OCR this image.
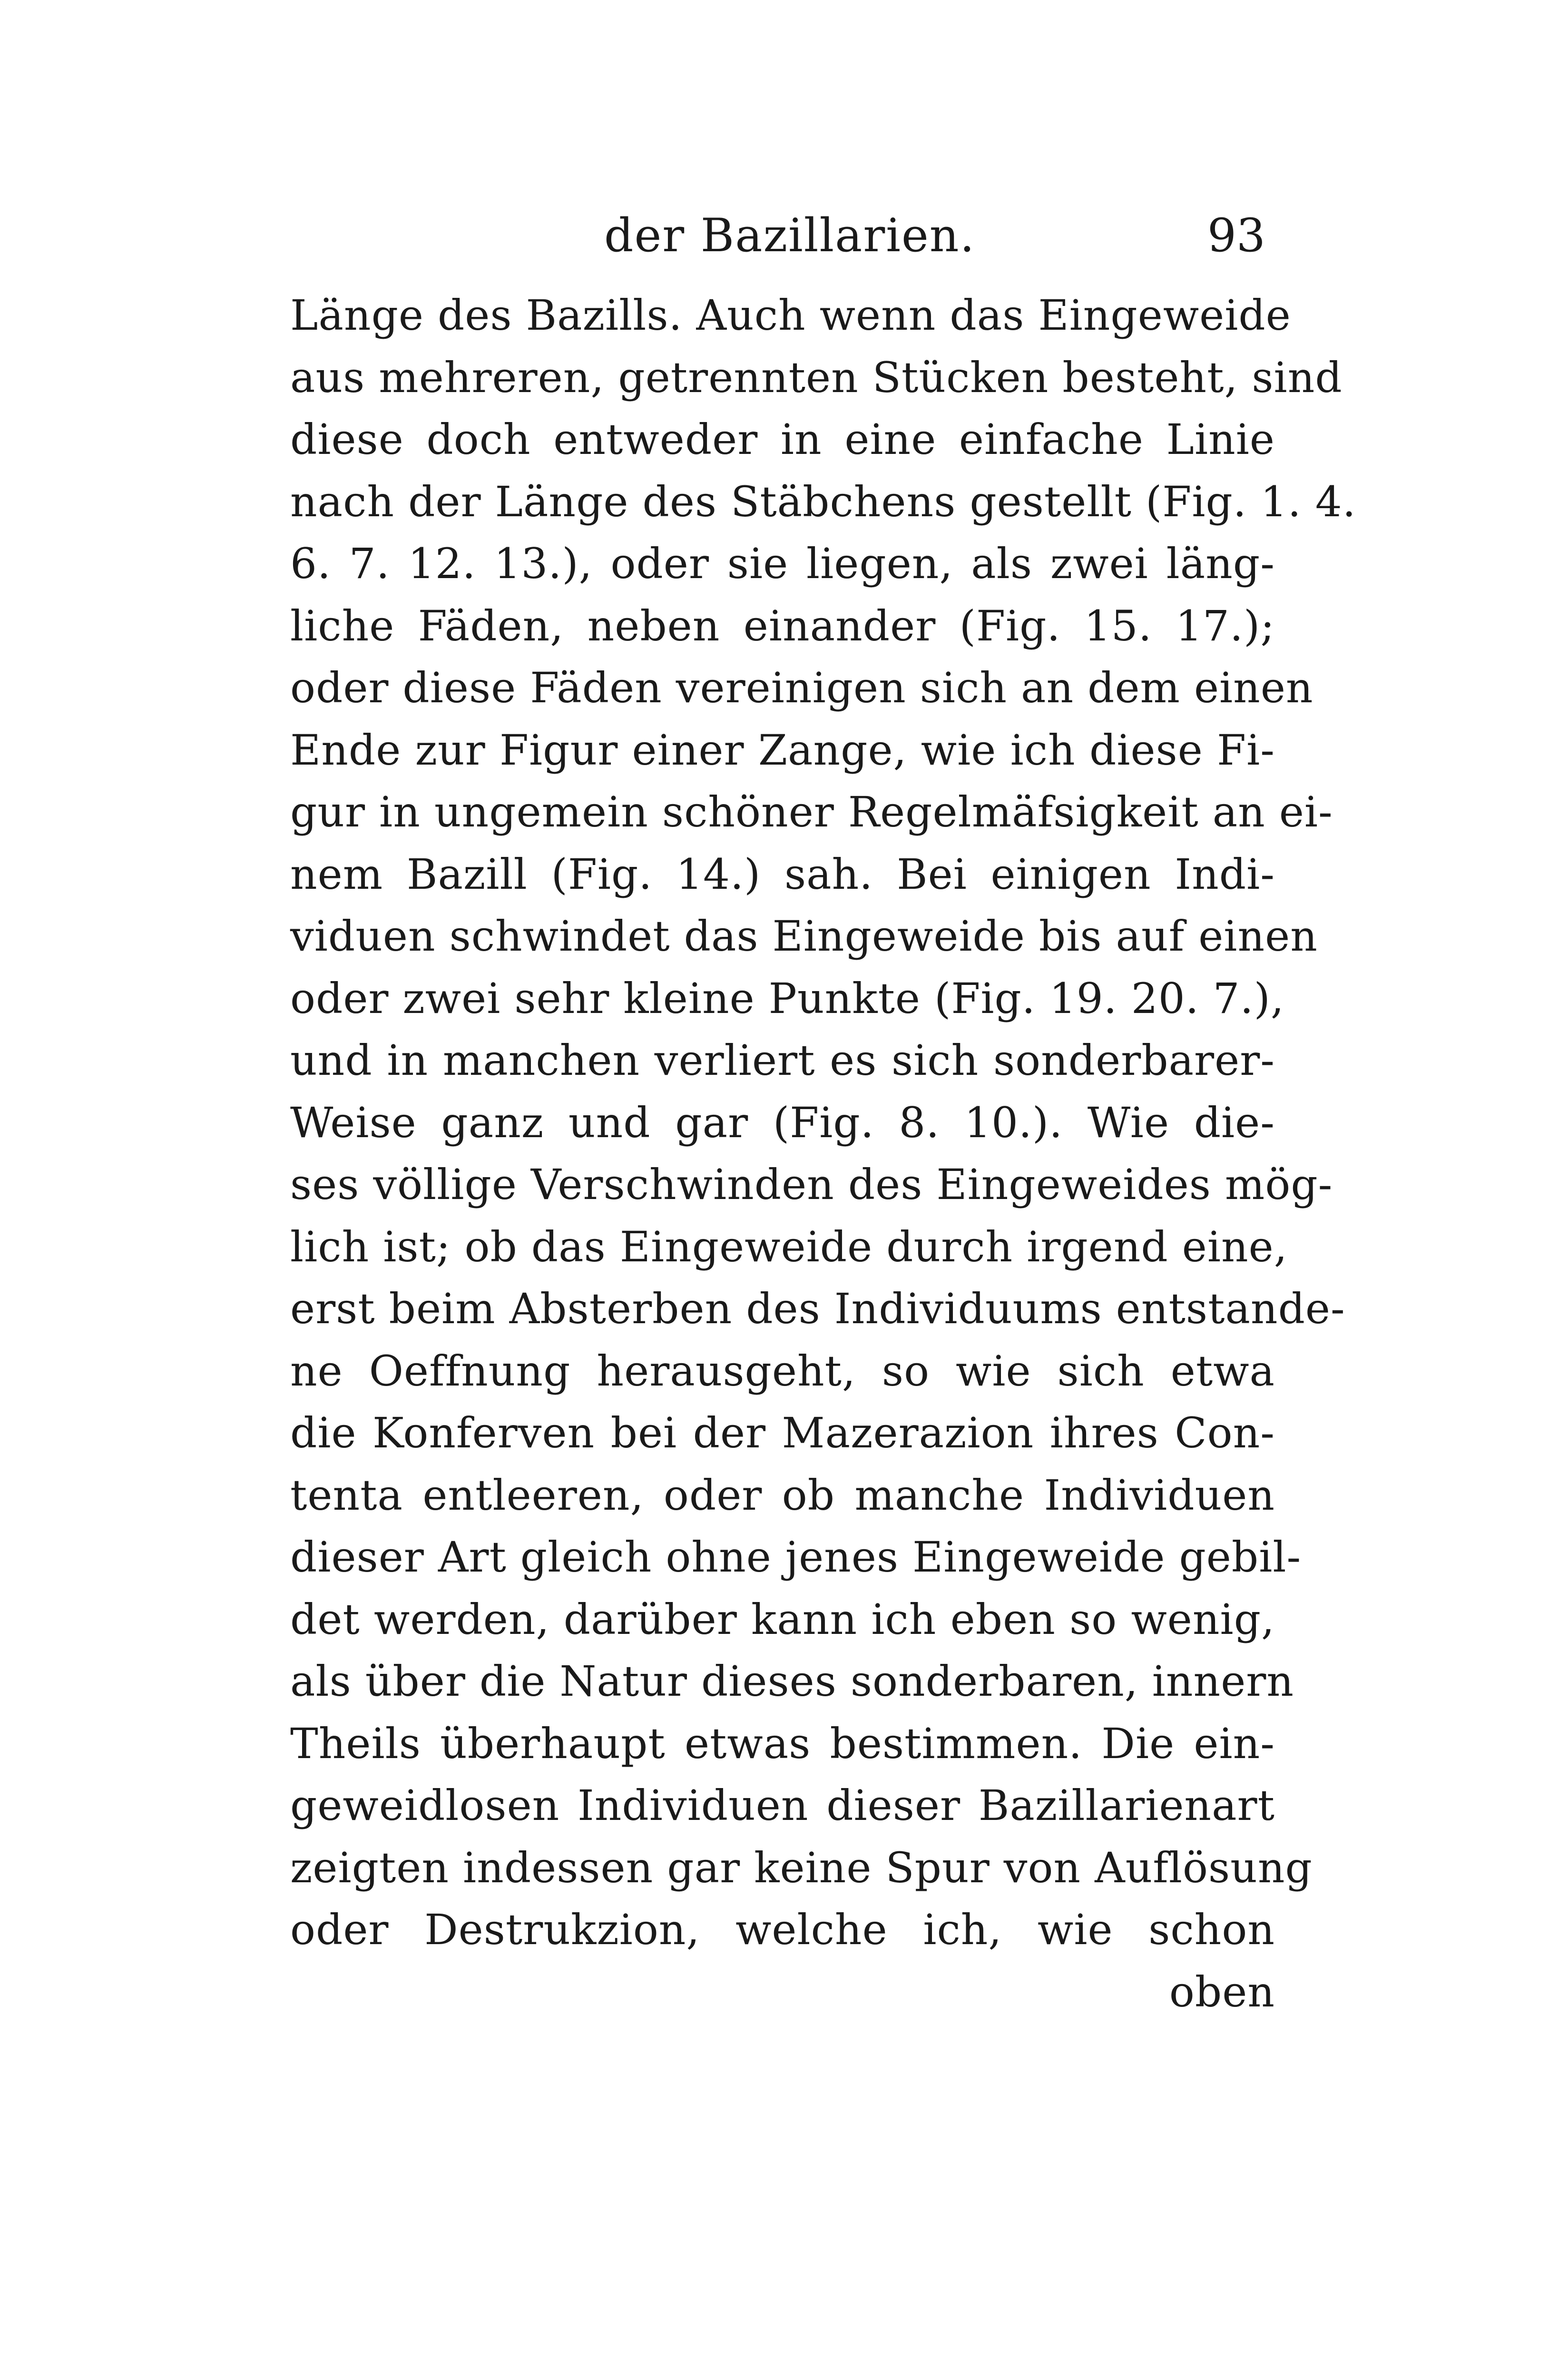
der Bazillarien.	93
Länge des Bazills. Auch wenn das Eingeweide
aus mehreren, getrennten Stücken besteht, sind
diese doch entweder in eine einfache Linie
nach der Länge des Stäbchens gestellt (Fig. 1. 4.
6. 7. 12. 13.), oder sie liegen, als zwei läng-
liche Fäden, neben einander (Fig. 15. 17.);
oder diese Fäden vereinigen sich an dem einen
Ende zur Figur einer Zange, wie ich diese Fi-
gur in ungemein schöner Regelmäfsigkeit an ei-
nem Bazill (Fig. 14.) sah. Bei einigen Indi-
viduen schwindet das Eingeweide bis auf einen
oder zwei sehr kleine Punkte (Fig. 19. 20. 7.),
und in manchen verliert es sich sonderbarer-
Weise ganz und gar (Fig. 8. 10.). Wie die-
ses völlige Verschwinden des Eingeweides mög-
lich ist; ob das Eingeweide durch irgend eine,
erst beim Absterben des Individuums entstande-
ne Oeffnung herausgeht, so wie sich etwa
die Konferven bei der Mazerazion ihres Con-
tenta entleeren, oder ob manche Individuen
dieser Art gleich ohne jenes Eingeweide gebil-
det werden, darüber kann ich eben so wenig,
als über die Natur dieses sonderbaren, innern
Theils überhaupt etwas bestimmen. Die ein-
geweidlosen Individuen dieser Bazillarienart
zeigten indessen gar keine Spur von Auflösung
oder Destrukzion, welche ich, wie schon
oben
